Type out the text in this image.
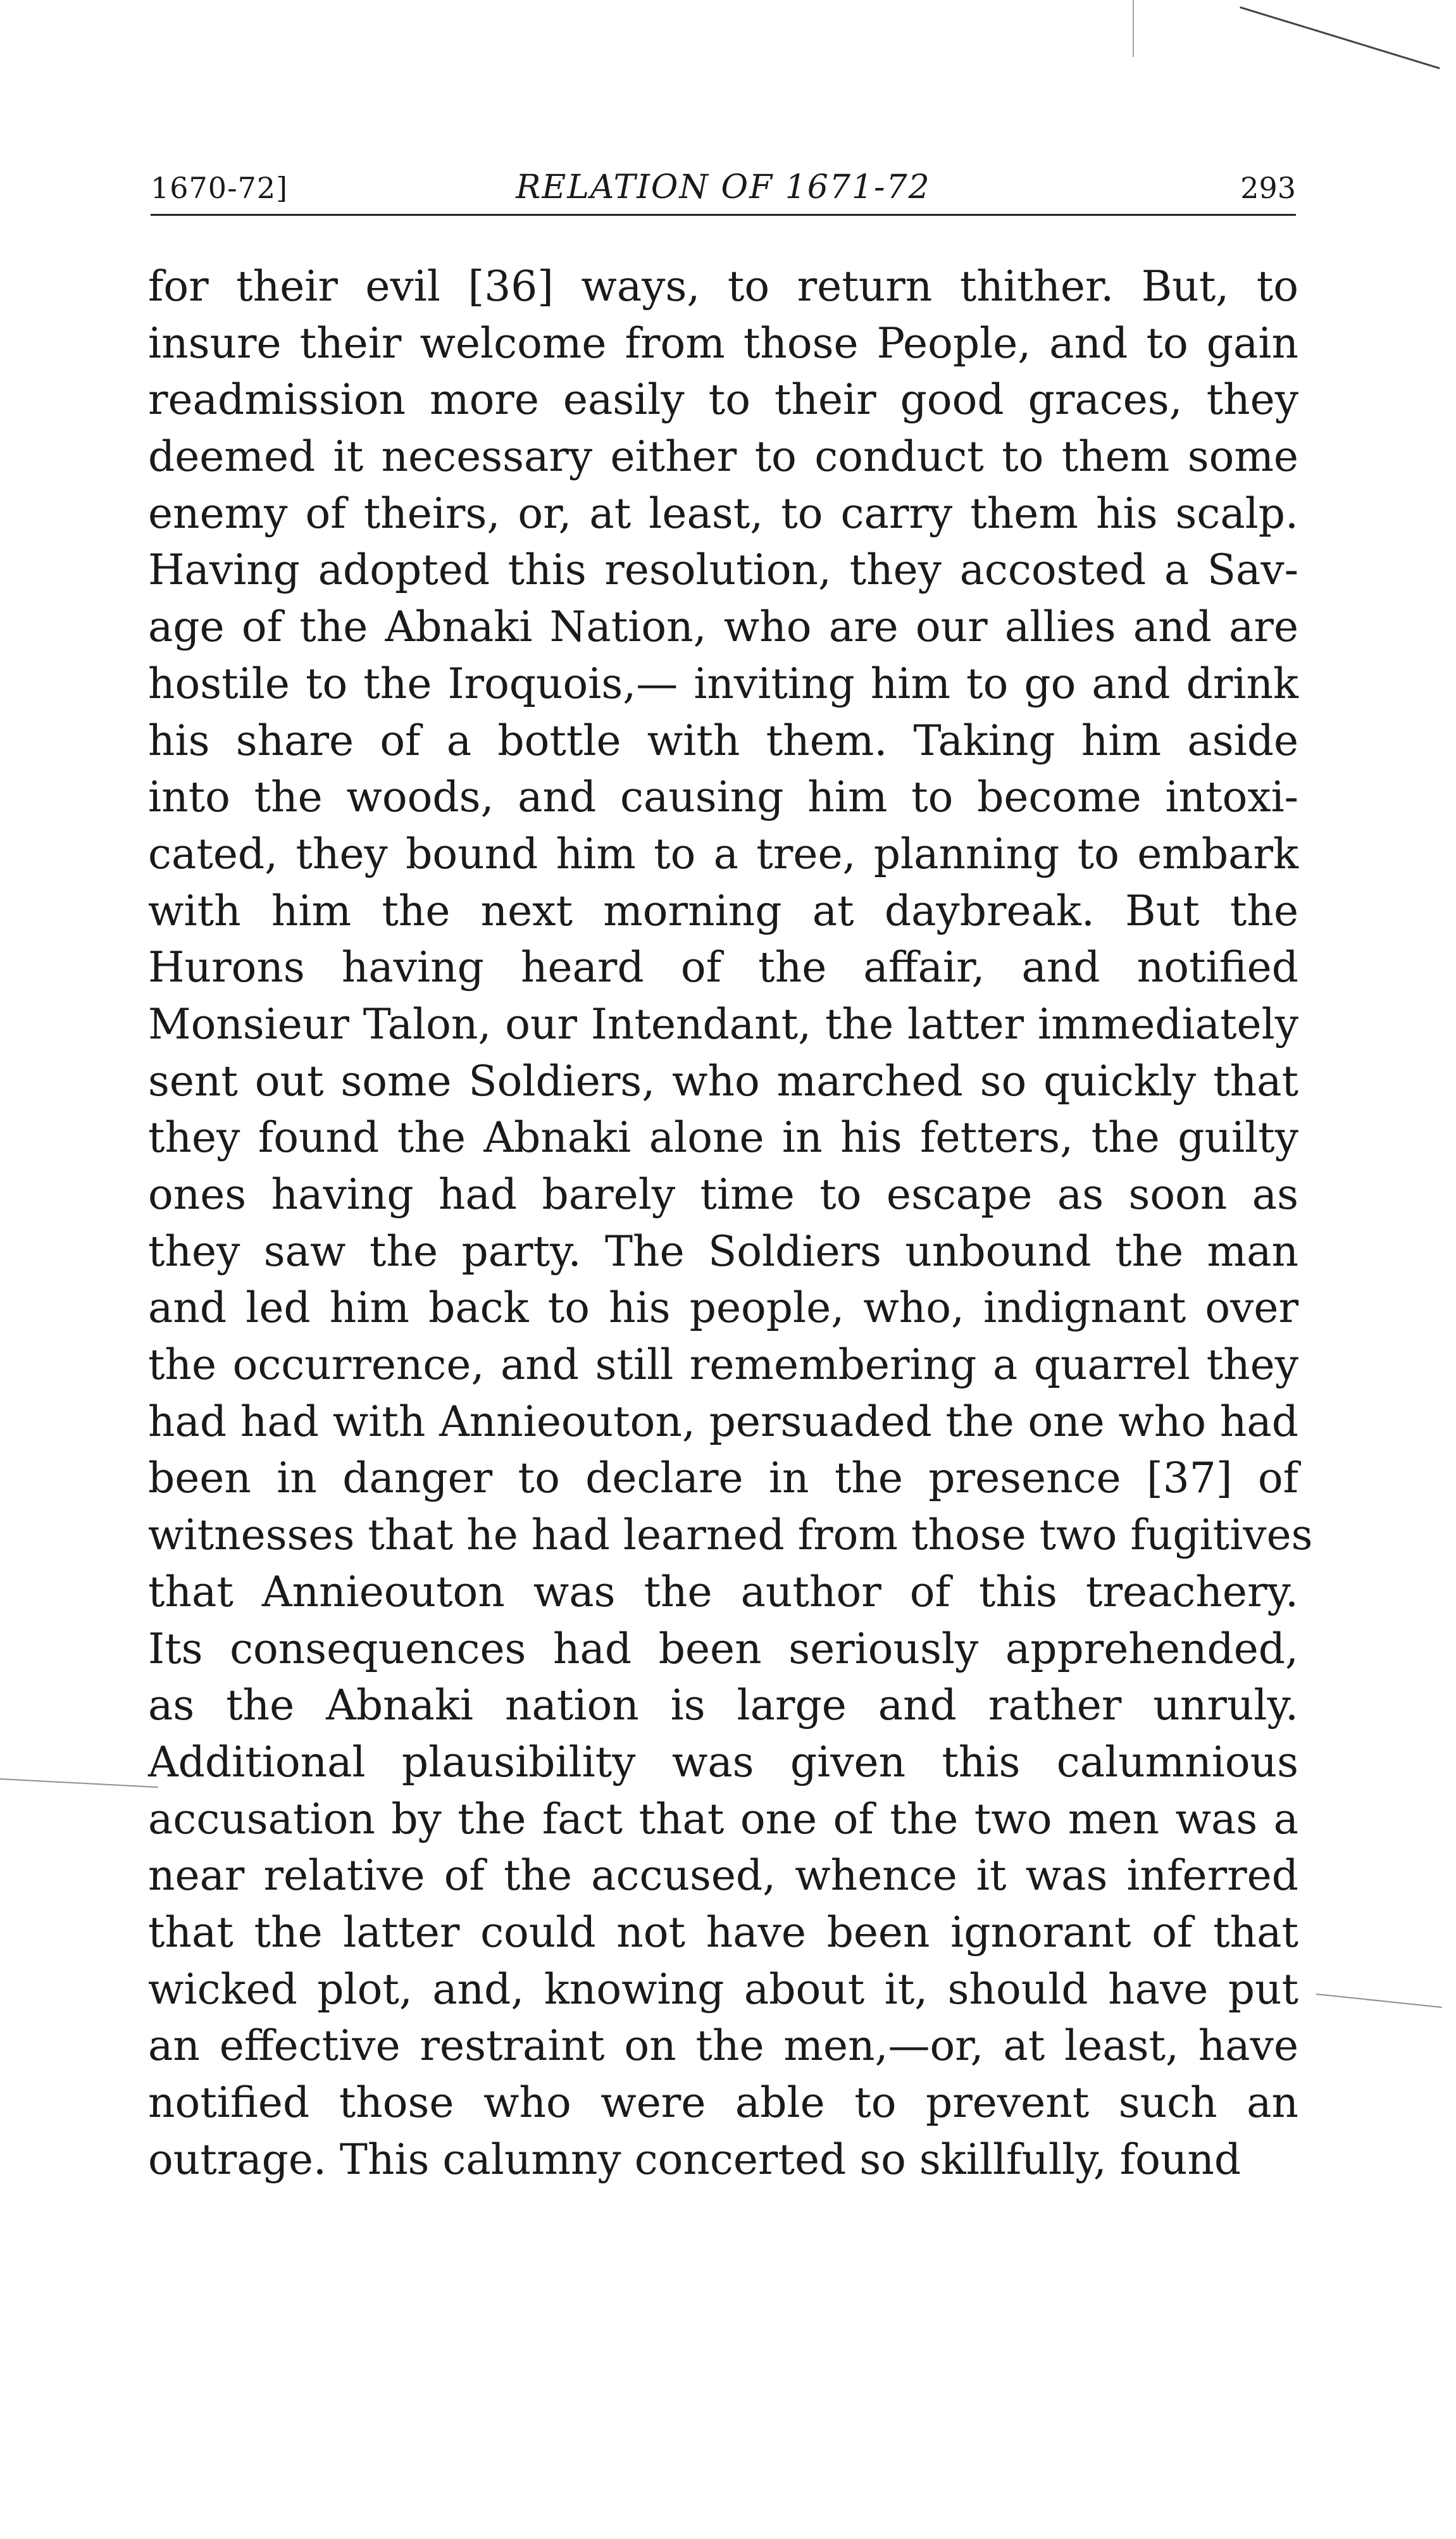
1670-72]	RELATION OF 1671-72	293
for their evil [36] ways, to return thither. But, to
insure their welcome from those People, and to gain
readmission more easily to their good graces, they
deemed it necessary either to conduct to them some
enemy of theirs, or, at least, to carry them his scalp.
Having adopted this resolution, they accosted a Sav-
age of the Abnaki Nation, who are our allies and are
hostile to the Iroquois,— inviting him to go and drink
his share of a bottle with them. Taking him aside
into the woods, and causing him to become intoxi-
cated, they bound him to a tree, planning to embark
with him the next morning at daybreak. But the
Hurons having heard of the affair, and notified
Monsieur Talon, our Intendant, the latter immediately
sent out some Soldiers, who marched so quickly that
they found the Abnaki alone in his fetters, the guilty
ones having had barely time to escape as soon as
they saw the party. The Soldiers unbound the man
and led him back to his people, who, indignant over
the occurrence, and still remembering a quarrel they
had had with Annieouton, persuaded the one who had
been in danger to declare in the presence [37] of
witnesses that he had learned from those two fugitives
that Annieouton was the author of this treachery.
Its consequences had been seriously apprehended,
as the Abnaki nation is large and rather unruly.
Additional plausibility was given this calumnious
accusation by the fact that one of the two men was a
near relative of the accused, whence it was inferred
that the latter could not have been ignorant of that
wicked plot, and, knowing about it, should have put
an effective restraint on the men,—or, at least, have
notified those who were able to prevent such an
outrage. This calumny concerted so skillfully, found
